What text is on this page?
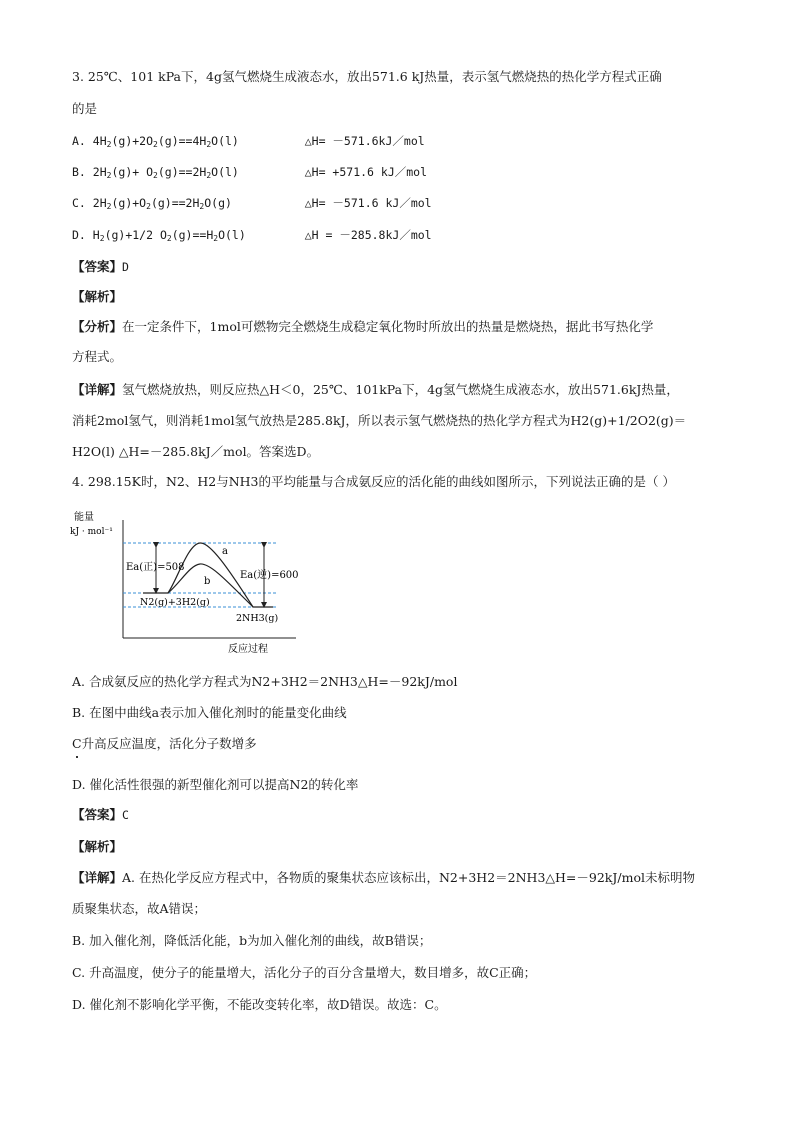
3. 25℃、101 kPa下，4g氢气燃烧生成液态水，放出571.6 kJ热量，表示氢气燃烧热的热化学方程式正确
的是
A. $4H_2(g)+2O_2(g)==4H_2O(l)$	△H= －571.6kJ／mol
B. $2H_2(g)+ O_2(g)==2H_2O(l)$	△H= +571.6 kJ／mol
C. $2H_2(g)+O_2(g)==2H_2O(g)$	△H= －571.6 kJ／mol
D. $H_2(g)+1/2$ $O_2(g)==H_2O(l)$	△H = －285.8kJ／mol
【答案】D
【解析】
【分析】在一定条件下，1mol可燃物完全燃烧生成稳定氧化物时所放出的热量是燃烧热，据此书写热化学
方程式。
【详解】氢气燃烧放热，则反应热△H＜0，25℃、101kPa下，4g氢气燃烧生成液态水，放出571.6kJ热量，
消耗2mol氢气，则消耗1mol氢气放热是285.8kJ，所以表示氢气燃烧热的热化学方程式为H2(g)+1/2O2(g)＝
H2O(l) △H=－285.8kJ／mol。答案选D。
4. 298.15K时，N2、H2与NH3的平均能量与合成氨反应的活化能的曲线如图所示，下列说法正确的是（ ）
能量
kJ · mol⁻¹
Ea(正)=508
Ea(逆)=600
a
b
N2(g)+3H2(g)
2NH3(g)
反应过程
A. 合成氨反应的热化学方程式为N2+3H2＝2NH3△H=－92kJ/mol
B. 在图中曲线a表示加入催化剂时的能量变化曲线
C升高反应温度，活化分子数增多
D. 催化活性很强的新型催化剂可以提高N2的转化率
【答案】C
【解析】
【详解】A. 在热化学反应方程式中，各物质的聚集状态应该标出，N2+3H2＝2NH3△H=－92kJ/mol未标明物
质聚集状态，故A错误；
B. 加入催化剂，降低活化能，b为加入催化剂的曲线，故B错误；
C. 升高温度，使分子的能量增大，活化分子的百分含量增大，数目增多，故C正确；
D. 催化剂不影响化学平衡，不能改变转化率，故D错误。故选：C。
